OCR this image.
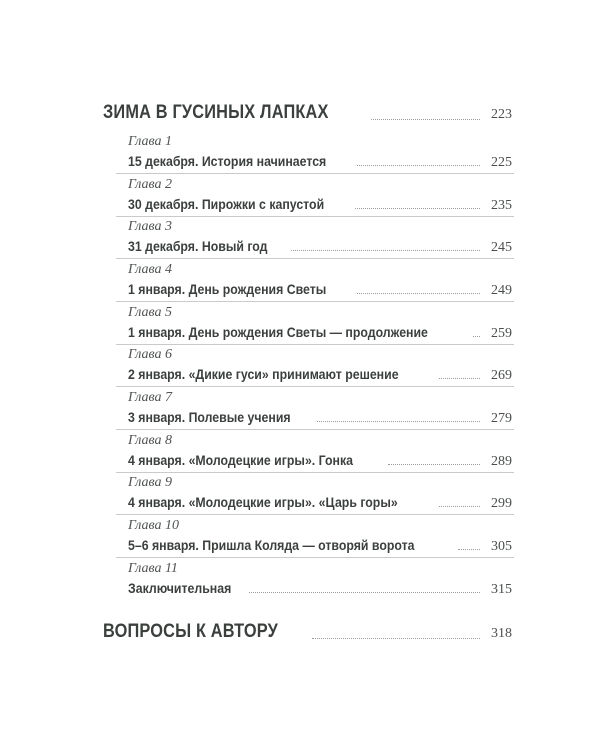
ЗИМА В ГУСИНЫХ ЛАПКАХ	223
Глава 1
15 декабря. История начинается	225
Глава 2
30 декабря. Пирожки с капустой	235
Глава 3
31 декабря. Новый год	245
Глава 4
1 января. День рождения Светы	249
Глава 5
1 января. День рождения Светы — продолжение	259
Глава 6
2 января. «Дикие гуси» принимают решение	269
Глава 7
3 января. Полевые учения	279
Глава 8
4 января. «Молодецкие игры». Гонка	289
Глава 9
4 января. «Молодецкие игры». «Царь горы»	299
Глава 10
5–6 января. Пришла Коляда — отворяй ворота	305
Глава 11
Заключительная	315
ВОПРОСЫ К АВТОРУ	318
